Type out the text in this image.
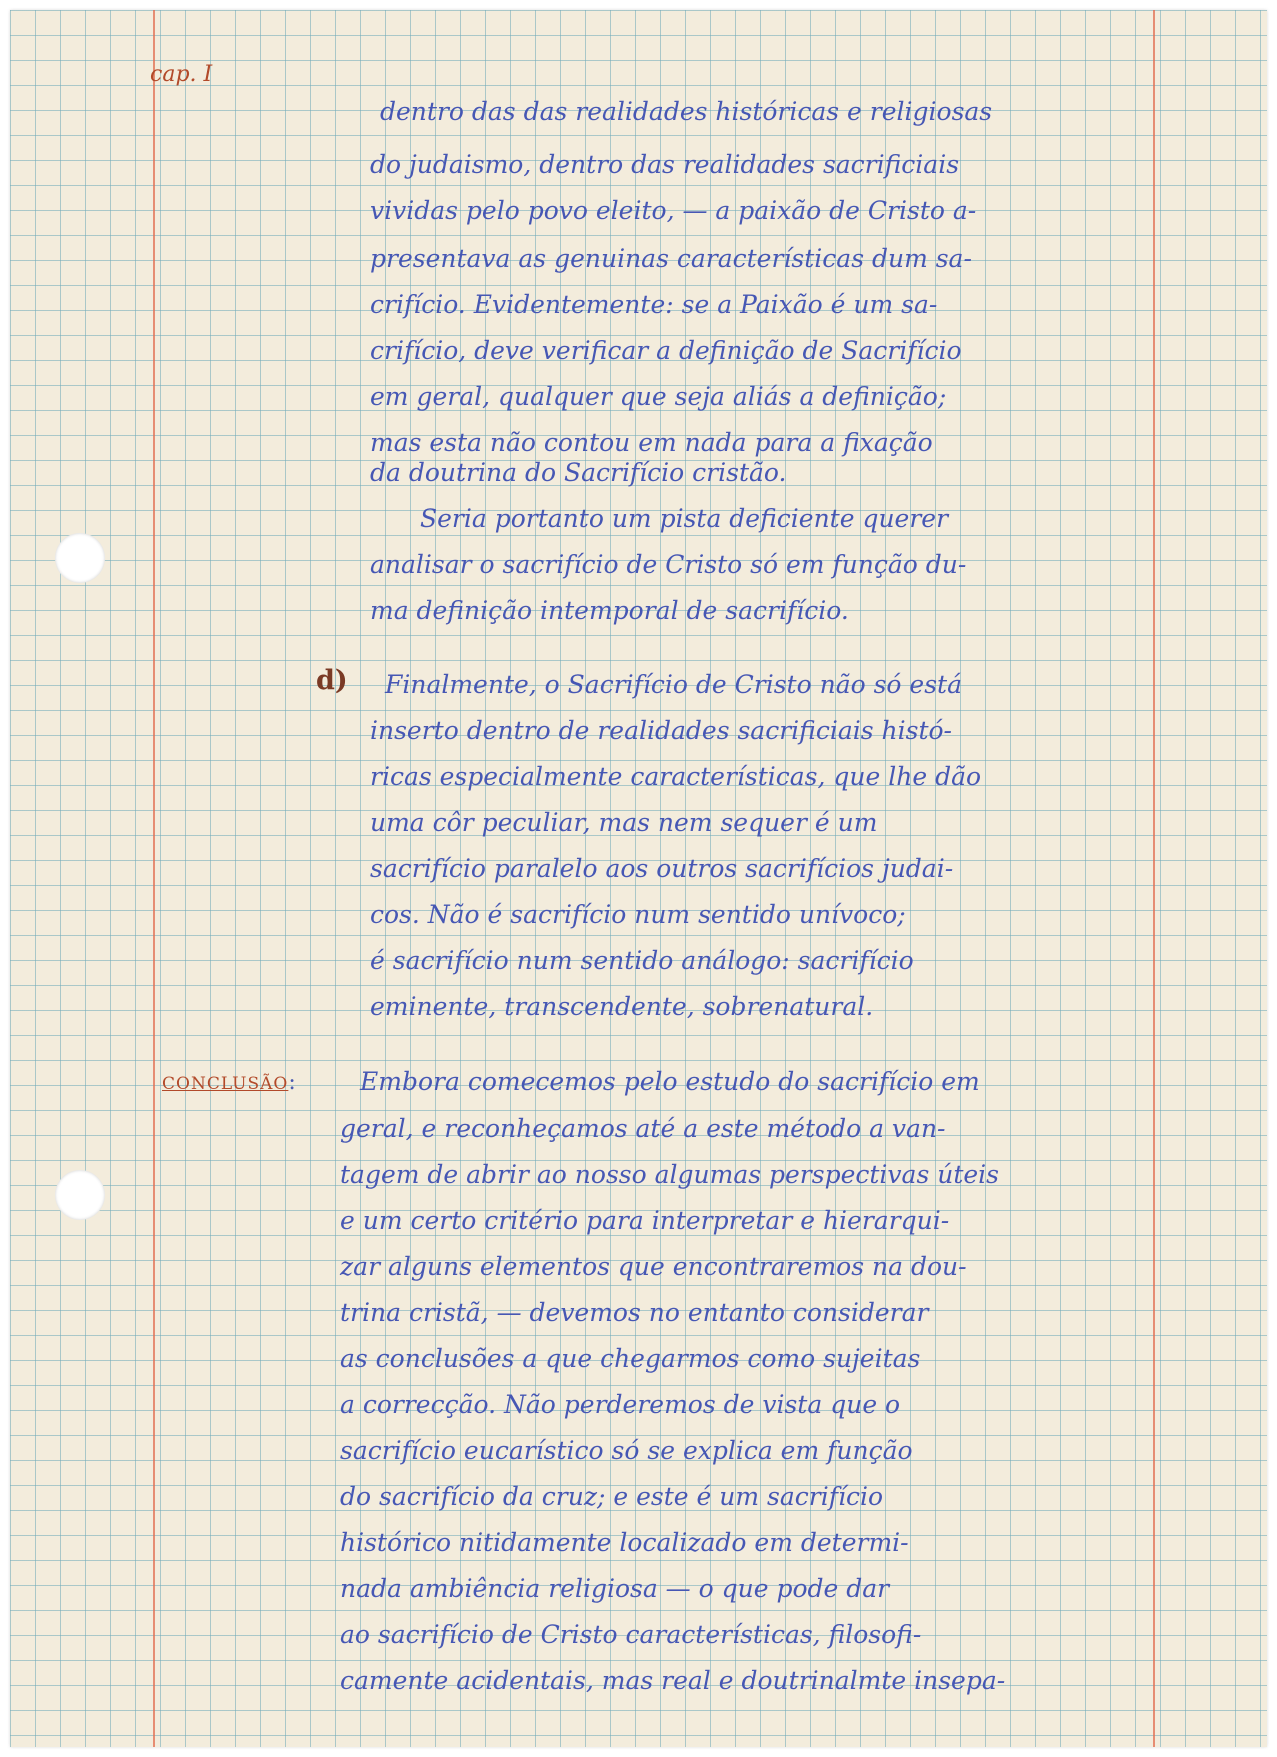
cap. I
dentro das das realidades históricas e religiosas
do judaismo, dentro das realidades sacrificiais
vividas pelo povo eleito, — a paixão de Cristo a-
presentava as genuinas características dum sa-
crifício. Evidentemente: se a Paixão é um sa-
crifício, deve verificar a definição de Sacrifício
em geral, qualquer que seja aliás a definição;
mas esta não contou em nada para a fixação
da doutrina do Sacrifício cristão.
Seria portanto um pista deficiente querer
analisar o sacrifício de Cristo só em função du-
ma definição intemporal de sacrifício.
d) Finalmente, o Sacrifício de Cristo não só está
inserto dentro de realidades sacrificiais histó-
ricas especialmente características, que lhe dão
uma côr peculiar, mas nem sequer é um
sacrifício paralelo aos outros sacrifícios judai-
cos. Não é sacrifício num sentido unívoco;
é sacrifício num sentido análogo: sacrifício
eminente, transcendente, sobrenatural.
CONCLUSÃO:	Embora comecemos pelo estudo do sacrifício em
geral, e reconheçamos até a este método a van-
tagem de abrir ao nosso algumas perspectivas úteis
e um certo critério para interpretar e hierarqui-
zar alguns elementos que encontraremos na dou-
trina cristã, — devemos no entanto considerar
as conclusões a que chegarmos como sujeitas
a correcção. Não perderemos de vista que o
sacrifício eucarístico só se explica em função
do sacrifício da cruz; e este é um sacrifício
histórico nitidamente localizado em determi-
nada ambiência religiosa — o que pode dar
ao sacrifício de Cristo características, filosofi-
camente acidentais, mas real e doutrinalmte insepa-
